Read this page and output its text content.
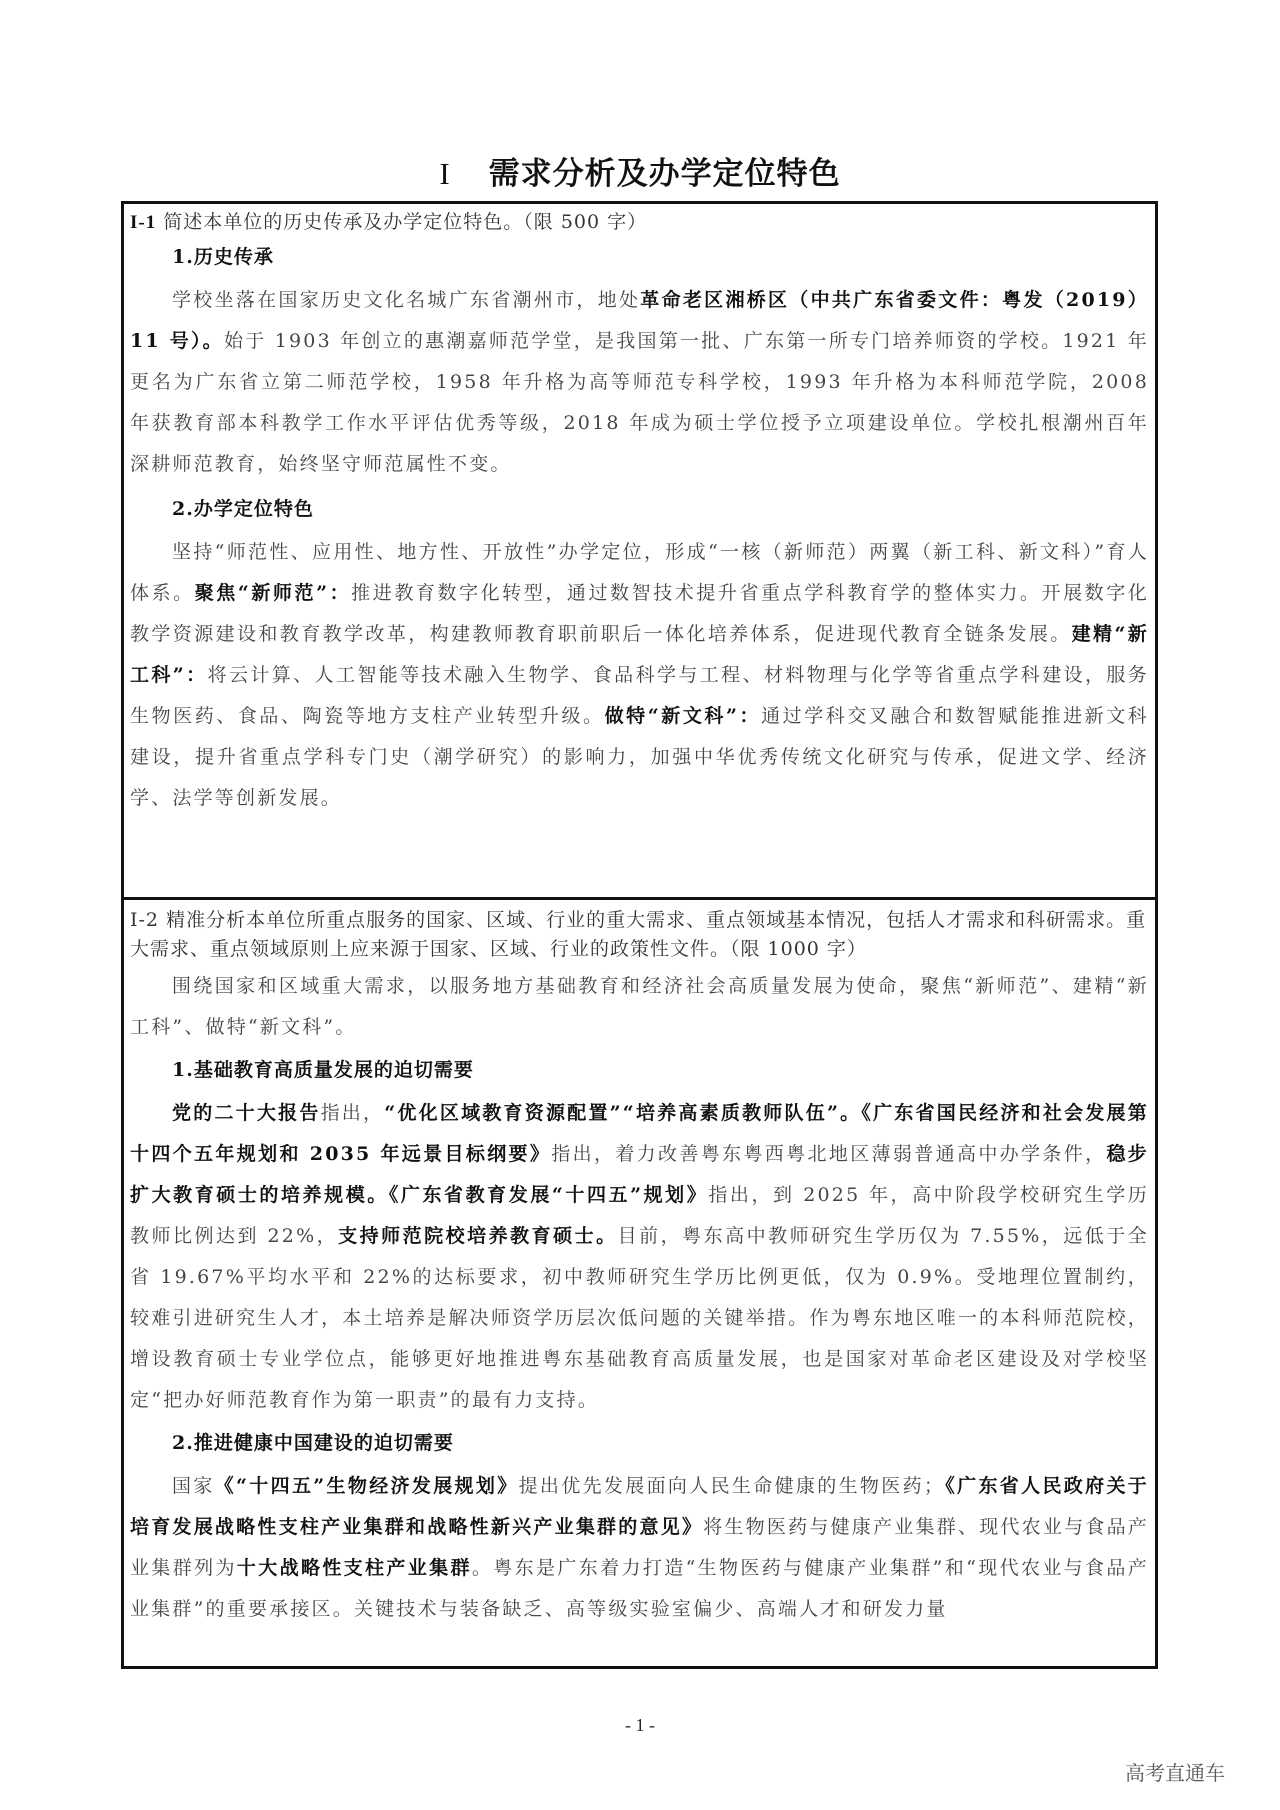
I 需求分析及办学定位特色
I-1 简述本单位的历史传承及办学定位特色。（限 500 字）
1.历史传承

学校坐落在国家历史文化名城广东省潮州市，地处革命老区湘桥区（中共广东省委文件：粤发（2019）11 号）。始于 1903 年创立的惠潮嘉师范学堂，是我国第一批、广东第一所专门培养师资的学校。1921 年更名为广东省立第二师范学校，1958 年升格为高等师范专科学校，1993 年升格为本科师范学院，2008 年获教育部本科教学工作水平评估优秀等级，2018 年成为硕士学位授予立项建设单位。学校扎根潮州百年深耕师范教育，始终坚守师范属性不变。

2.办学定位特色

坚持“师范性、应用性、地方性、开放性”办学定位，形成“一核（新师范）两翼（新工科、新文科）”育人体系。聚焦“新师范”：推进教育数字化转型，通过数智技术提升省重点学科教育学的整体实力。开展数字化教学资源建设和教育教学改革，构建教师教育职前职后一体化培养体系，促进现代教育全链条发展。建精“新工科”：将云计算、人工智能等技术融入生物学、食品科学与工程、材料物理与化学等省重点学科建设，服务生物医药、食品、陶瓷等地方支柱产业转型升级。做特“新文科”：通过学科交叉融合和数智赋能推进新文科建设，提升省重点学科专门史（潮学研究）的影响力，加强中华优秀传统文化研究与传承，促进文学、经济学、法学等创新发展。

I-2 精准分析本单位所重点服务的国家、区域、行业的重大需求、重点领域基本情况，包括人才需求和科研需求。重大需求、重点领域原则上应来源于国家、区域、行业的政策性文件。（限 1000 字）

围绕国家和区域重大需求，以服务地方基础教育和经济社会高质量发展为使命，聚焦“新师范”、建精“新工科”、做特“新文科”。

1.基础教育高质量发展的迫切需要

党的二十大报告指出，“优化区域教育资源配置”“培养高素质教师队伍”。《广东省国民经济和社会发展第十四个五年规划和 2035 年远景目标纲要》指出，着力改善粤东粤西粤北地区薄弱普通高中办学条件，稳步扩大教育硕士的培养规模。《广东省教育发展“十四五”规划》指出，到 2025 年，高中阶段学校研究生学历教师比例达到 22%，支持师范院校培养教育硕士。目前，粤东高中教师研究生学历仅为 7.55%，远低于全省 19.67%平均水平和 22%的达标要求，初中教师研究生学历比例更低，仅为 0.9%。受地理位置制约，较难引进研究生人才，本土培养是解决师资学历层次低问题的关键举措。作为粤东地区唯一的本科师范院校，增设教育硕士专业学位点，能够更好地推进粤东基础教育高质量发展，也是国家对革命老区建设及对学校坚定“把办好师范教育作为第一职责”的最有力支持。

2.推进健康中国建设的迫切需要

国家《“十四五”生物经济发展规划》提出优先发展面向人民生命健康的生物医药；《广东省人民政府关于培育发展战略性支柱产业集群和战略性新兴产业集群的意见》将生物医药与健康产业集群、现代农业与食品产业集群列为十大战略性支柱产业集群。粤东是广东着力打造“生物医药与健康产业集群”和“现代农业与食品产业集群”的重要承接区。关键技术与装备缺乏、高等级实验室偏少、高端人才和研发力量

- 1 -
高考直通车
